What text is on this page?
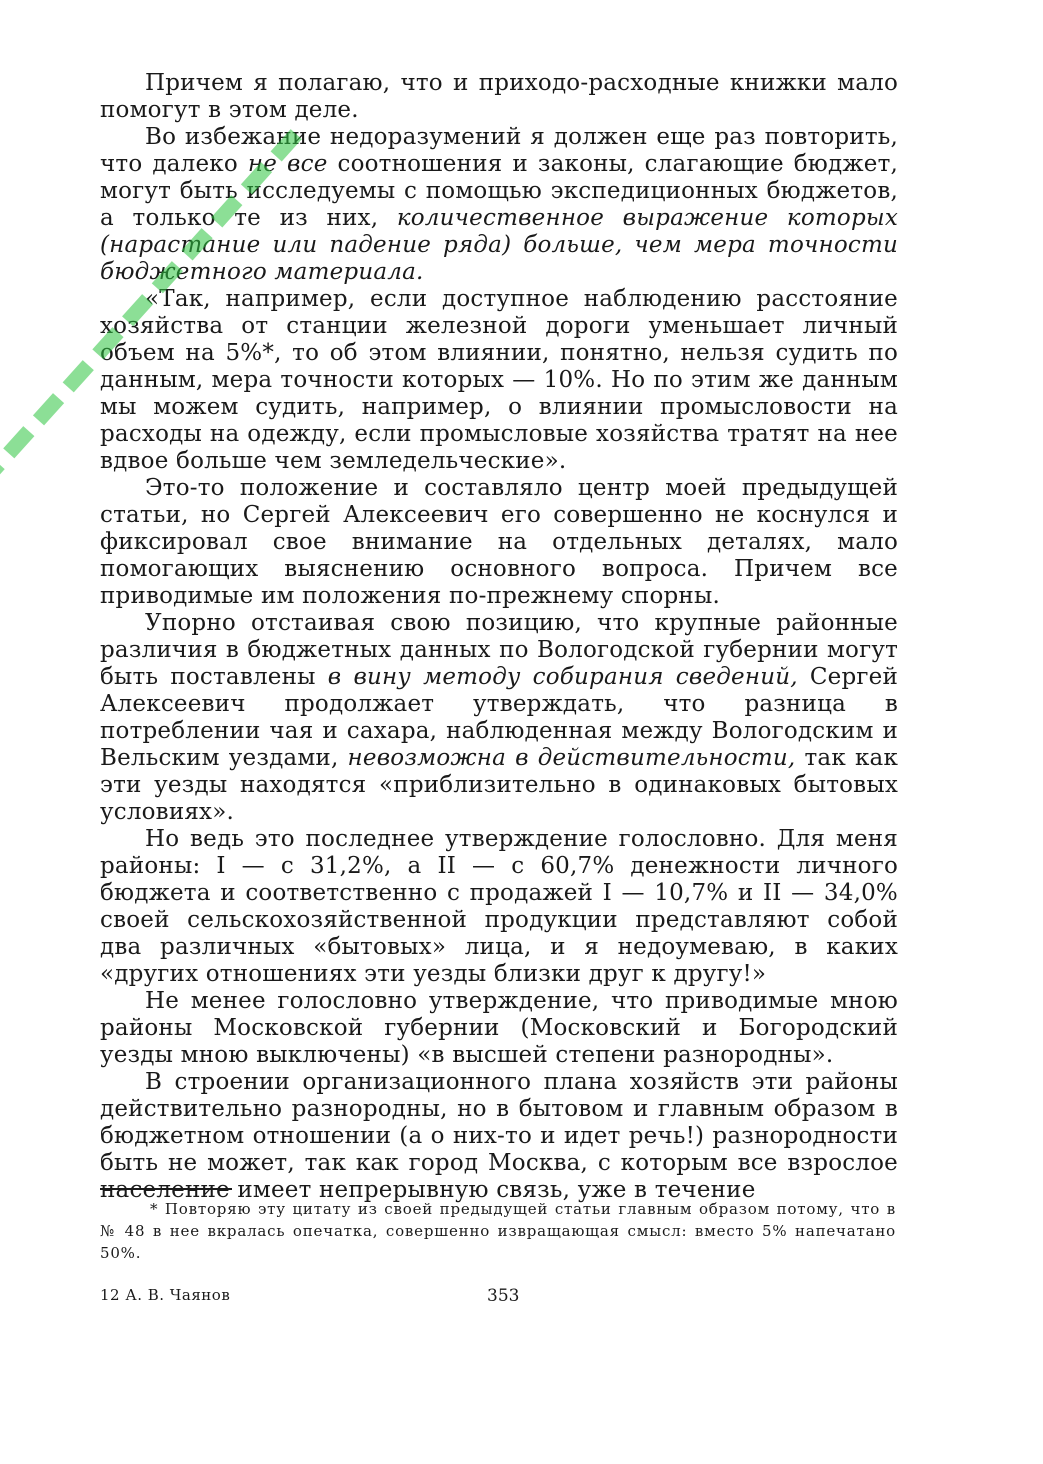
Причем я полагаю, что и приходо-расходные книжки мало помогут в этом деле.

Во избежание недоразумений я должен еще раз повторить, что далеко не все соотношения и законы, слагающие бюджет, могут быть исследуемы с помощью экспедиционных бюджетов, а только те из них, количественное выражение которых (нарастание или падение ряда) больше, чем мера точности бюджетного материала.

«Так, например, если доступное наблюдению расстояние хозяйства от станции железной дороги уменьшает личный объем на 5%*, то об этом влиянии, понятно, нельзя судить по данным, мера точности которых — 10%. Но по этим же данным мы можем судить, например, о влиянии промысловости на расходы на одежду, если промысловые хозяйства тратят на нее вдвое больше чем земледельческие».

Это-то положение и составляло центр моей предыдущей статьи, но Сергей Алексеевич его совершенно не коснулся и фиксировал свое внимание на отдельных деталях, мало помогающих выяснению основного вопроса. Причем все приводимые им положения по-прежнему спорны.

Упорно отстаивая свою позицию, что крупные районные различия в бюджетных данных по Вологодской губернии могут быть поставлены в вину методу собирания сведений, Сергей Алексеевич продолжает утверждать, что разница в потреблении чая и сахара, наблюденная между Вологодским и Вельским уездами, невозможна в действительности, так как эти уезды находятся «приблизительно в одинаковых бытовых условиях».

Но ведь это последнее утверждение голословно. Для меня районы: I — с 31,2%, а II — с 60,7% денежности личного бюджета и соответственно с продажей I — 10,7% и II — 34,0% своей сельскохозяйственной продукции представляют собой два различных «бытовых» лица, и я недоумеваю, в каких «других отношениях эти уезды близки друг к другу!»

Не менее голословно утверждение, что приводимые мною районы Московской губернии (Московский и Богородский уезды мною выключены) «в высшей степени разнородны».

В строении организационного плана хозяйств эти районы действительно разнородны, но в бытовом и главным образом в бюджетном отношении (а о них-то и идет речь!) разнородности быть не может, так как город Москва, с которым все взрослое население имеет непрерывную связь, уже в течение

* Повторяю эту цитату из своей предыдущей статьи главным образом потому, что в № 48 в нее вкралась опечатка, совершенно извращающая смысл: вместо 5% напечатано 50%.

12 А. В. Чаянов	353
